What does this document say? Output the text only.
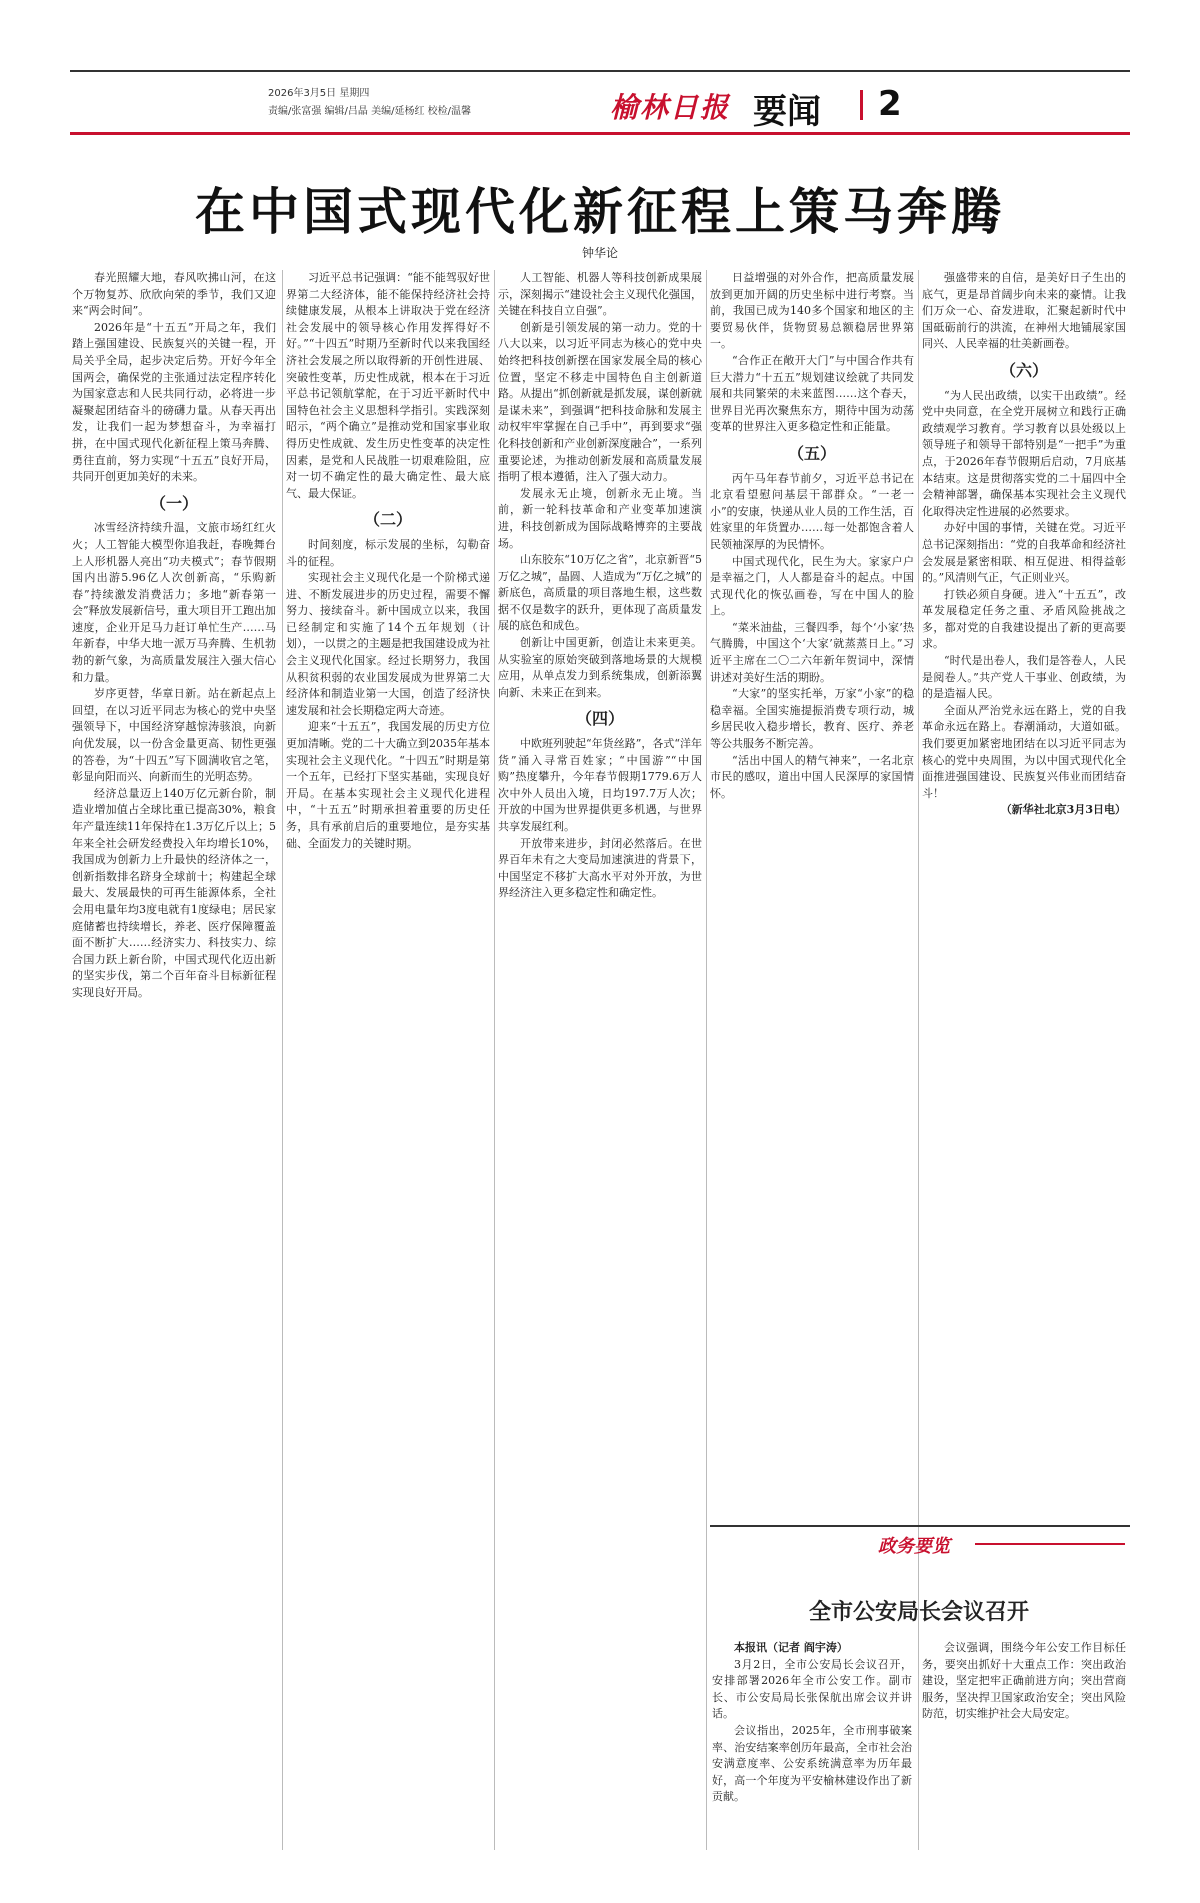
2026年3月5日 星期四
责编/张富强 编辑/吕晶 美编/延杨红 校检/温馨	榆林日报 要闻 2
在中国式现代化新征程上策马奔腾
钟华论

春光照耀大地，春风吹拂山河，在这个万物复苏、欣欣向荣的季节，我们又迎来“两会时间”。

2026年是“十五五”开局之年，我们踏上强国建设、民族复兴的关键一程，开局关乎全局，起步决定后势。开好今年全国两会，确保党的主张通过法定程序转化为国家意志和人民共同行动，必将进一步凝聚起团结奋斗的磅礴力量。从春天再出发，让我们一起为梦想奋斗，为幸福打拼，在中国式现代化新征程上策马奔腾、勇往直前，努力实现“十五五”良好开局，共同开创更加美好的未来。

（一）

冰雪经济持续升温，文旅市场红红火火；人工智能大模型你追我赶，春晚舞台上人形机器人亮出“功夫模式”；春节假期国内出游5.96亿人次创新高，“乐购新春”持续激发消费活力；多地“新春第一会”释放发展新信号，重大项目开工跑出加速度，企业开足马力赶订单忙生产……马年新春，中华大地一派万马奔腾、生机勃勃的新气象，为高质量发展注入强大信心和力量。

岁序更替，华章日新。站在新起点上回望，在以习近平同志为核心的党中央坚强领导下，中国经济穿越惊涛骇浪，向新向优发展，以一份含金量更高、韧性更强的答卷，为“十四五”写下圆满收官之笔，彰显向阳而兴、向新而生的光明态势。

经济总量迈上140万亿元新台阶，制造业增加值占全球比重已提高30%，粮食年产量连续11年保持在1.3万亿斤以上；5年来全社会研发经费投入年均增长10%，我国成为创新力上升最快的经济体之一，创新指数排名跻身全球前十；构建起全球最大、发展最快的可再生能源体系，全社会用电量年均3度电就有1度绿电；居民家庭储蓄也持续增长，养老、医疗保障覆盖面不断扩大……经济实力、科技实力、综合国力跃上新台阶，中国式现代化迈出新的坚实步伐，第二个百年奋斗目标新征程实现良好开局。

习近平总书记强调：“能不能驾驭好世界第二大经济体，能不能保持经济社会持续健康发展，从根本上讲取决于党在经济社会发展中的领导核心作用发挥得好不好。”“十四五”时期乃至新时代以来我国经济社会发展之所以取得新的开创性进展、突破性变革，历史性成就，根本在于习近平总书记领航掌舵，在于习近平新时代中国特色社会主义思想科学指引。实践深刻昭示，“两个确立”是推动党和国家事业取得历史性成就、发生历史性变革的决定性因素，是党和人民战胜一切艰难险阻，应对一切不确定性的最大确定性、最大底气、最大保证。

（二）

时间刻度，标示发展的坐标，勾勒奋斗的征程。

实现社会主义现代化是一个阶梯式递进、不断发展进步的历史过程，需要不懈努力、接续奋斗。新中国成立以来，我国已经制定和实施了14个五年规划（计划），一以贯之的主题是把我国建设成为社会主义现代化国家。经过长期努力，我国从积贫积弱的农业国发展成为世界第二大经济体和制造业第一大国，创造了经济快速发展和社会长期稳定两大奇迹。

迎来“十五五”，我国发展的历史方位更加清晰。党的二十大确立到2035年基本实现社会主义现代化。“十四五”时期是第一个五年，已经打下坚实基础，实现良好开局。在基本实现社会主义现代化进程中，“十五五”时期承担着重要的历史任务，具有承前启后的重要地位，是夯实基础、全面发力的关键时期。

人工智能、机器人等科技创新成果展示，深刻揭示“建设社会主义现代化强国，关键在科技自立自强”。

创新是引领发展的第一动力。党的十八大以来，以习近平同志为核心的党中央始终把科技创新摆在国家发展全局的核心位置，坚定不移走中国特色自主创新道路。从提出“抓创新就是抓发展，谋创新就是谋未来”，到强调“把科技命脉和发展主动权牢牢掌握在自己手中”，再到要求“强化科技创新和产业创新深度融合”，一系列重要论述，为推动创新发展和高质量发展指明了根本遵循，注入了强大动力。

发展永无止境，创新永无止境。当前，新一轮科技革命和产业变革加速演进，科技创新成为国际战略博弈的主要战场。

山东胶东“10万亿之省”，北京新晋“5万亿之城”，晶圆、人造成为“万亿之城”的新底色，高质量的项目落地生根，这些数据不仅是数字的跃升，更体现了高质量发展的底色和成色。

创新让中国更新，创造让未来更美。从实验室的原始突破到落地场景的大规模应用，从单点发力到系统集成，创新添翼向新、未来正在到来。

（四）

中欧班列驶起“年货丝路”，各式“洋年货”涌入寻常百姓家；“中国游”“中国购”热度攀升，今年春节假期1779.6万人次中外人员出入境，日均197.7万人次；开放的中国为世界提供更多机遇，与世界共享发展红利。

开放带来进步，封闭必然落后。在世界百年未有之大变局加速演进的背景下，中国坚定不移扩大高水平对外开放，为世界经济注入更多稳定性和确定性。

日益增强的对外合作，把高质量发展放到更加开阔的历史坐标中进行考察。当前，我国已成为140多个国家和地区的主要贸易伙伴，货物贸易总额稳居世界第一。

“合作正在敞开大门”与中国合作共有巨大潜力“十五五”规划建议绘就了共同发展和共同繁荣的未来蓝图……这个春天，世界目光再次聚焦东方，期待中国为动荡变革的世界注入更多稳定性和正能量。

（五）

丙午马年春节前夕，习近平总书记在北京看望慰问基层干部群众。“一老一小”的安康，快递从业人员的工作生活，百姓家里的年货置办……每一处都饱含着人民领袖深厚的为民情怀。

中国式现代化，民生为大。家家户户是幸福之门，人人都是奋斗的起点。中国式现代化的恢弘画卷，写在中国人的脸上。

“菜米油盐，三餐四季，每个‘小家’热气腾腾，中国这个‘大家’就蒸蒸日上。”习近平主席在二〇二六年新年贺词中，深情讲述对美好生活的期盼。

“大家”的坚实托举，万家“小家”的稳稳幸福。全国实施提振消费专项行动，城乡居民收入稳步增长，教育、医疗、养老等公共服务不断完善。

“活出中国人的精气神来”，一名北京市民的感叹，道出中国人民深厚的家国情怀。

强盛带来的自信，是美好日子生出的底气，更是昂首阔步向未来的豪情。让我们万众一心、奋发进取，汇聚起新时代中国砥砺前行的洪流，在神州大地铺展家国同兴、人民幸福的壮美新画卷。

（六）

“为人民出政绩，以实干出政绩”。经党中央同意，在全党开展树立和践行正确政绩观学习教育。学习教育以县处级以上领导班子和领导干部特别是“一把手”为重点，于2026年春节假期后启动，7月底基本结束。这是贯彻落实党的二十届四中全会精神部署，确保基本实现社会主义现代化取得决定性进展的必然要求。

办好中国的事情，关键在党。习近平总书记深刻指出：“党的自我革命和经济社会发展是紧密相联、相互促进、相得益彰的。”风清则气正，气正则业兴。

打铁必须自身硬。进入“十五五”，改革发展稳定任务之重、矛盾风险挑战之多，都对党的自我建设提出了新的更高要求。

“时代是出卷人，我们是答卷人，人民是阅卷人。”共产党人干事业、创政绩，为的是造福人民。

全面从严治党永远在路上，党的自我革命永远在路上。春潮涌动，大道如砥。我们要更加紧密地团结在以习近平同志为核心的党中央周围，为以中国式现代化全面推进强国建设、民族复兴伟业而团结奋斗！

（新华社北京3月3日电）

政务要览
全市公安局长会议召开

本报讯（记者 阎宇涛）

3月2日，全市公安局长会议召开，安排部署2026年全市公安工作。副市长、市公安局局长张保航出席会议并讲话。

会议指出，2025年，全市刑事破案率、治安结案率创历年最高，全市社会治安满意度率、公安系统满意率为历年最好，高一个年度为平安榆林建设作出了新贡献。

会议强调，围绕今年公安工作目标任务，要突出抓好十大重点工作：突出政治建设，坚定把牢正确前进方向；突出营商服务，坚决捍卫国家政治安全；突出风险防范，切实维护社会大局安定。
